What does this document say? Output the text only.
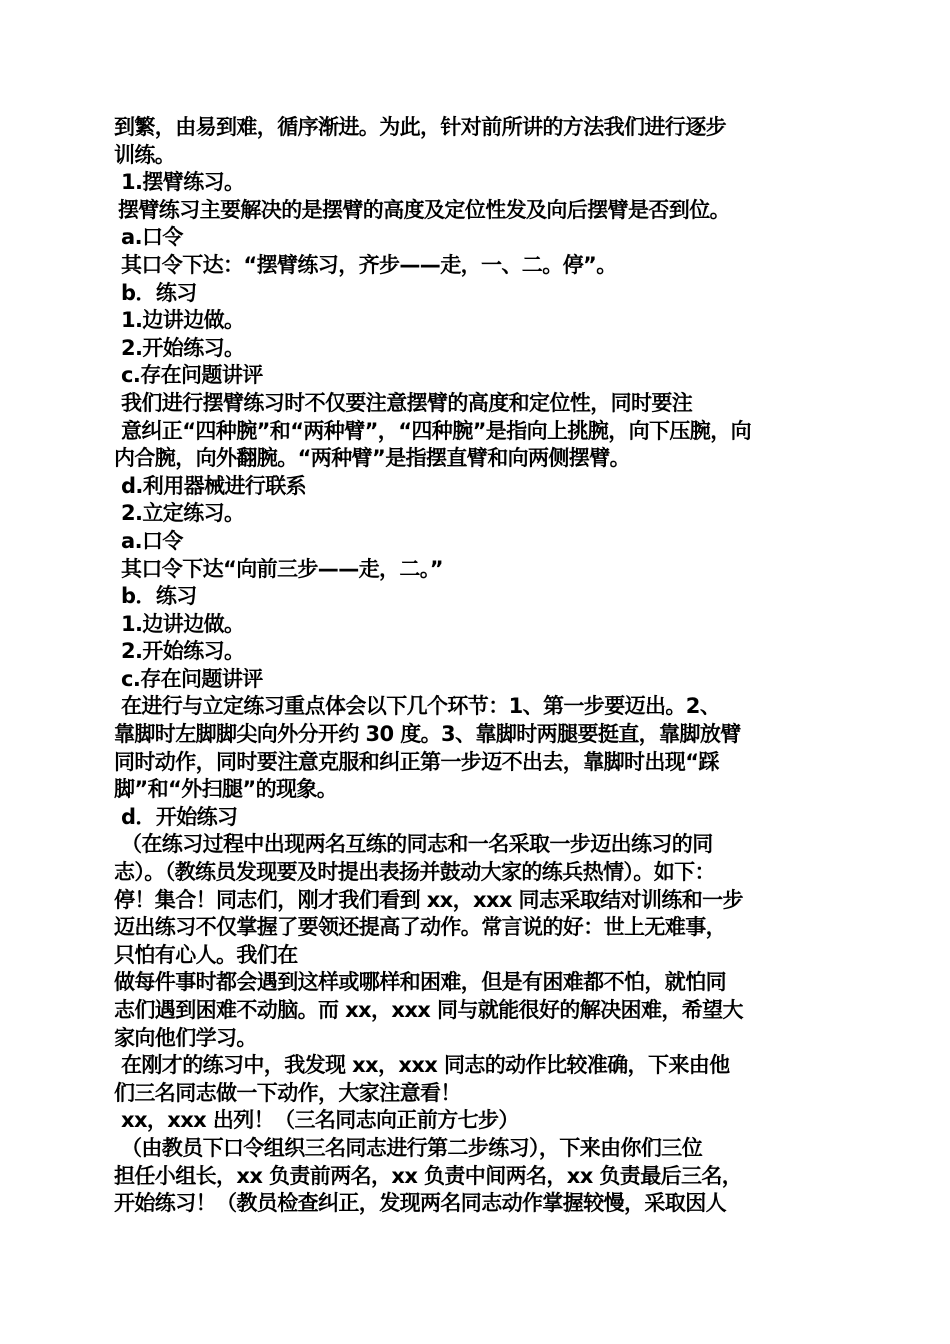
到繁，由易到难，循序渐进。为此，针对前所讲的方法我们进行逐步
训练。
1.摆臂练习。
摆臂练习主要解决的是摆臂的高度及定位性发及向后摆臂是否到位。
a.口令
其口令下达：“摆臂练习，齐步——走，一、二。停”。
b．练习
1.边讲边做。
2.开始练习。
c.存在问题讲评
我们进行摆臂练习时不仅要注意摆臂的高度和定位性，同时要注
意纠正“四种腕”和“两种臂”，“四种腕”是指向上挑腕，向下压腕，向
内合腕，向外翻腕。“两种臂”是指摆直臂和向两侧摆臂。
d.利用器械进行联系
2.立定练习。
a.口令
其口令下达“向前三步——走，二。”
b．练习
1.边讲边做。
2.开始练习。
c.存在问题讲评
在进行与立定练习重点体会以下几个环节：1、第一步要迈出。2、
靠脚时左脚脚尖向外分开约 30 度。3、靠脚时两腿要挺直，靠脚放臂
同时动作，同时要注意克服和纠正第一步迈不出去，靠脚时出现“踩
脚”和“外扫腿”的现象。
d．开始练习
（在练习过程中出现两名互练的同志和一名采取一步迈出练习的同
志）。（教练员发现要及时提出表扬并鼓动大家的练兵热情）。如下：
停！集合！同志们，刚才我们看到 xx，xxx 同志采取结对训练和一步
迈出练习不仅掌握了要领还提高了动作。常言说的好：世上无难事，
只怕有心人。我们在
做每件事时都会遇到这样或哪样和困难，但是有困难都不怕，就怕同
志们遇到困难不动脑。而 xx，xxx 同与就能很好的解决困难，希望大
家向他们学习。
在刚才的练习中，我发现 xx，xxx 同志的动作比较准确，下来由他
们三名同志做一下动作，大家注意看！
xx，xxx 出列！（三名同志向正前方七步）
（由教员下口令组织三名同志进行第二步练习），下来由你们三位
担任小组长，xx 负责前两名，xx 负责中间两名，xx 负责最后三名，
开始练习！（教员检查纠正，发现两名同志动作掌握较慢，采取因人
